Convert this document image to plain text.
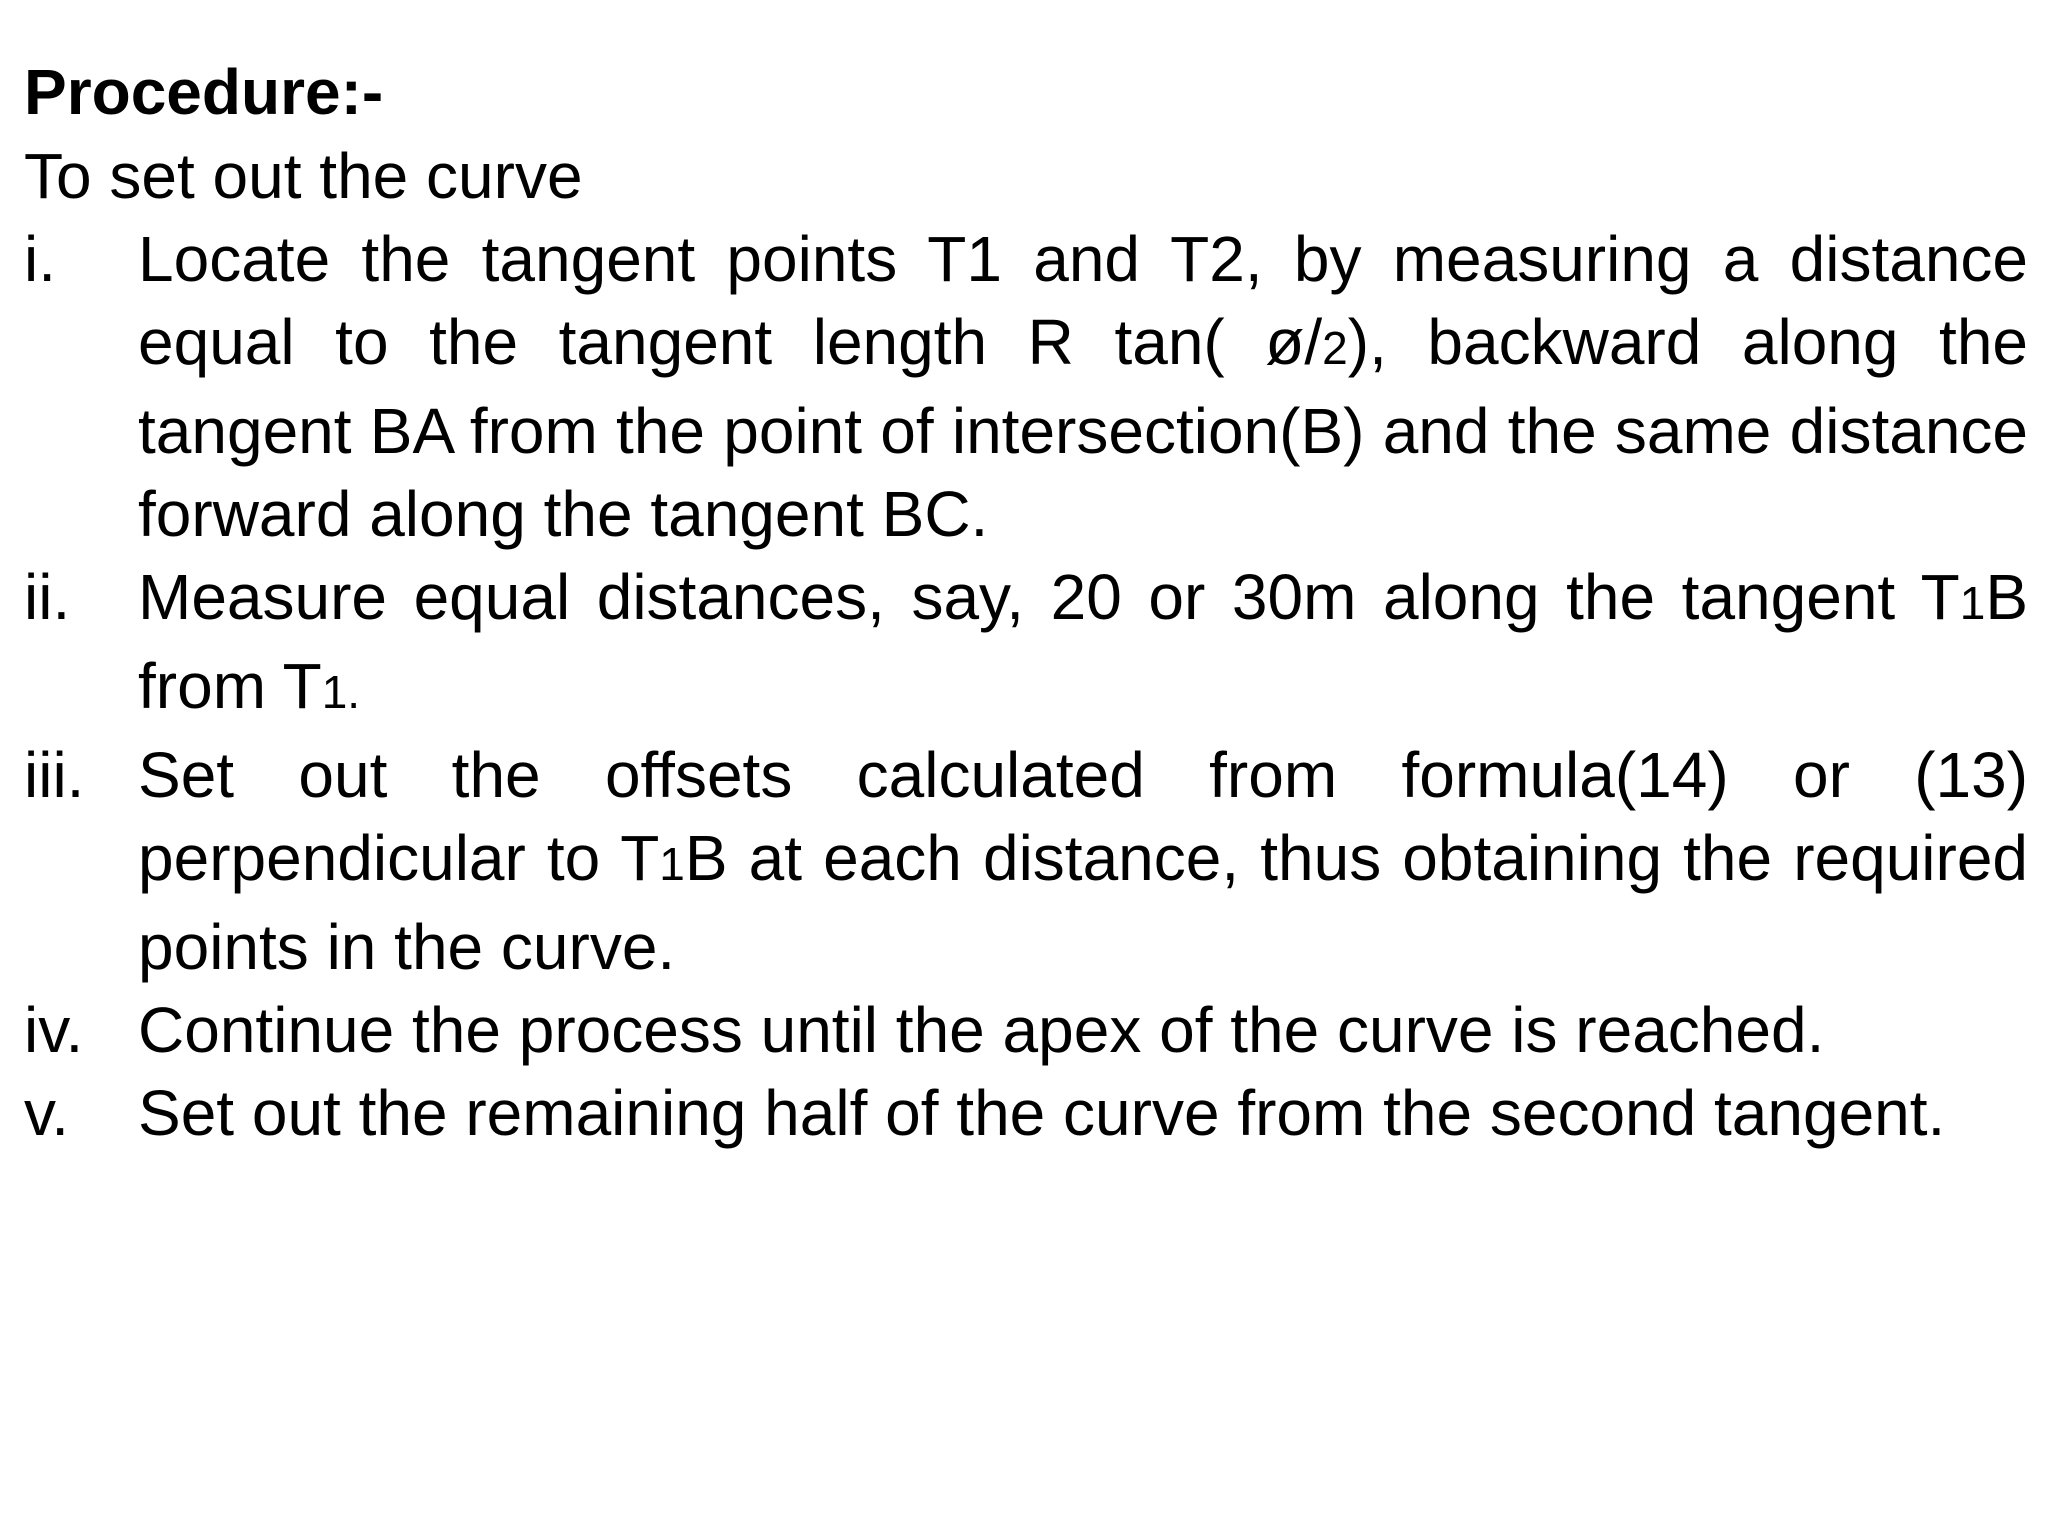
Procedure:-

To set out the curve

i.	Locate the tangent points T1 and T2, by measuring a distance equal to the tangent length R tan( ø/2), backward along the tangent BA from the point of intersection(B) and the same distance forward along the tangent BC.
ii.	Measure equal distances, say, 20 or 30m along the tangent T1B from T1.
iii. Set out the offsets calculated from formula(14) or (13) perpendicular to T1B at each distance, thus obtaining the required points in the curve.
iv. Continue the process until the apex of the curve is reached.
v.	Set out the remaining half of the curve from the second tangent.
